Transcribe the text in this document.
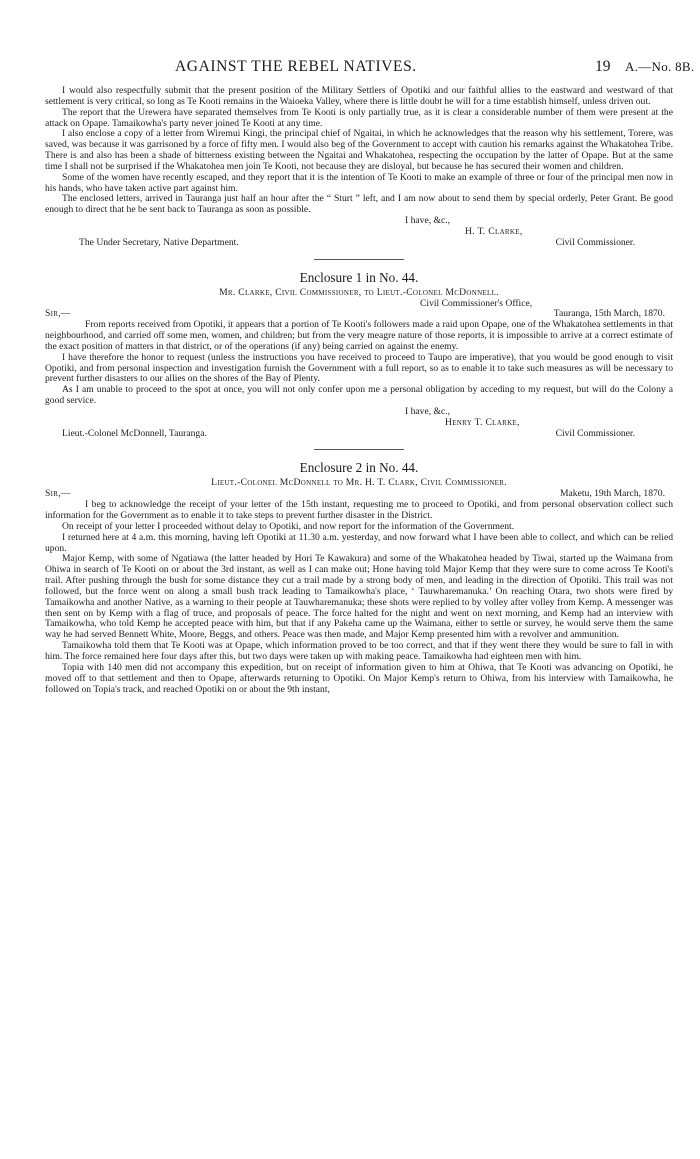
AGAINST THE REBEL NATIVES.	19 A.—No. 8B.

I would also respectfully submit that the present position of the Military Settlers of Opotiki and our faithful allies to the eastward and westward of that settlement is very critical, so long as Te Kooti remains in the Waioeka Valley, where there is little doubt he will for a time establish himself, unless driven out.

The report that the Urewera have separated themselves from Te Kooti is only partially true, as it is clear a considerable number of them were present at the attack on Opape. Tamaikowha's party never joined Te Kooti at any time.

I also enclose a copy of a letter from Wiremui Kingi, the principal chief of Ngaitai, in which he acknowledges that the reason why his settlement, Torere, was saved, was because it was garrisoned by a force of fifty men. I would also beg of the Government to accept with caution his remarks against the Whakatohea Tribe. There is and also has been a shade of bitterness existing between the Ngaitai and Whakatohea, respecting the occupation by the latter of Opape. But at the same time I shall not be surprised if the Whakatohea men join Te Kooti, not because they are disloyal, but because he has secured their women and children.

Some of the women have recently escaped, and they report that it is the intention of Te Kooti to make an example of three or four of the principal men now in his hands, who have taken active part against him.

The enclosed letters, arrived in Tauranga just half an hour after the “ Sturt ” left, and I am now about to send them by special orderly, Peter Grant. Be good enough to direct that he be sent back to Tauranga as soon as possible.

I have, &c.,

H. T. Clarke,

The Under Secretary, Native Department.	Civil Commissioner.
Enclosure 1 in No. 44.

Mr. Clarke, Civil Commissioner, to Lieut.-Colonel McDonnell.

Civil Commissioner's Office,

Sir,—	Tauranga, 15th March, 1870.

From reports received from Opotiki, it appears that a portion of Te Kooti's followers made a raid upon Opape, one of the Whakatohea settlements in that neighbourhood, and carried off some men, women, and children; but from the very meagre nature of those reports, it is impossible to arrive at a correct estimate of the exact position of matters in that district, or of the operations (if any) being carried on against the enemy.

I have therefore the honor to request (unless the instructions you have received to proceed to Taupo are imperative), that you would be good enough to visit Opotiki, and from personal inspection and investigation furnish the Government with a full report, so as to enable it to take such measures as will be necessary to prevent further disasters to our allies on the shores of the Bay of Plenty.

As I am unable to proceed to the spot at once, you will not only confer upon me a personal obligation by acceding to my request, but will do the Colony a good service.

I have, &c.,

Henry T. Clarke,

Lieut.-Colonel McDonnell, Tauranga.	Civil Commissioner.
Enclosure 2 in No. 44.

Lieut.-Colonel McDonnell to Mr. H. T. Clark, Civil Commissioner.

Sir,—	Maketu, 19th March, 1870.

I beg to acknowledge the receipt of your letter of the 15th instant, requesting me to proceed to Opotiki, and from personal observation collect such information for the Government as to enable it to take steps to prevent further disaster in the District.

On receipt of your letter I proceeded without delay to Opotiki, and now report for the information of the Government.

I returned here at 4 a.m. this morning, having left Opotiki at 11.30 a.m. yesterday, and now forward what I have been able to collect, and which can be relied upon.

Major Kemp, with some of Ngatiawa (the latter headed by Hori Te Kawakura) and some of the Whakatohea headed by Tiwai, started up the Waimana from Ohiwa in search of Te Kooti on or about the 3rd instant, as well as I can make out; Hone having told Major Kemp that they were sure to come across Te Kooti's trail. After pushing through the bush for some distance they cut a trail made by a strong body of men, and leading in the direction of Opotiki. This trail was not followed, but the force went on along a small bush track leading to Tamaikowha's place, ‘ Tauwharemanuka.’ On reaching Otara, two shots were fired by Tamaikowha and another Native, as a warning to their people at Tauwharemanuka; these shots were replied to by volley after volley from Kemp. A messenger was then sent on by Kemp with a flag of truce, and proposals of peace. The force halted for the night and went on next morning, and Kemp had an interview with Tamaikowha, who told Kemp he accepted peace with him, but that if any Pakeha came up the Waimana, either to settle or survey, he would serve them the same way he had served Bennett White, Moore, Beggs, and others. Peace was then made, and Major Kemp presented him with a revolver and ammunition.

Tamaikowha told them that Te Kooti was at Opape, which information proved to be too correct, and that if they went there they would be sure to fall in with him. The force remained here four days after this, but two days were taken up with making peace. Tamaikowha had eighteen men with him.

Topia with 140 men did not accompany this expedition, but on receipt of information given to him at Ohiwa, that Te Kooti was advancing on Opotiki, he moved off to that settlement and then to Opape, afterwards returning to Opotiki. On Major Kemp's return to Ohiwa, from his interview with Tamaikowha, he followed on Topia's track, and reached Opotiki on or about the 9th instant,
